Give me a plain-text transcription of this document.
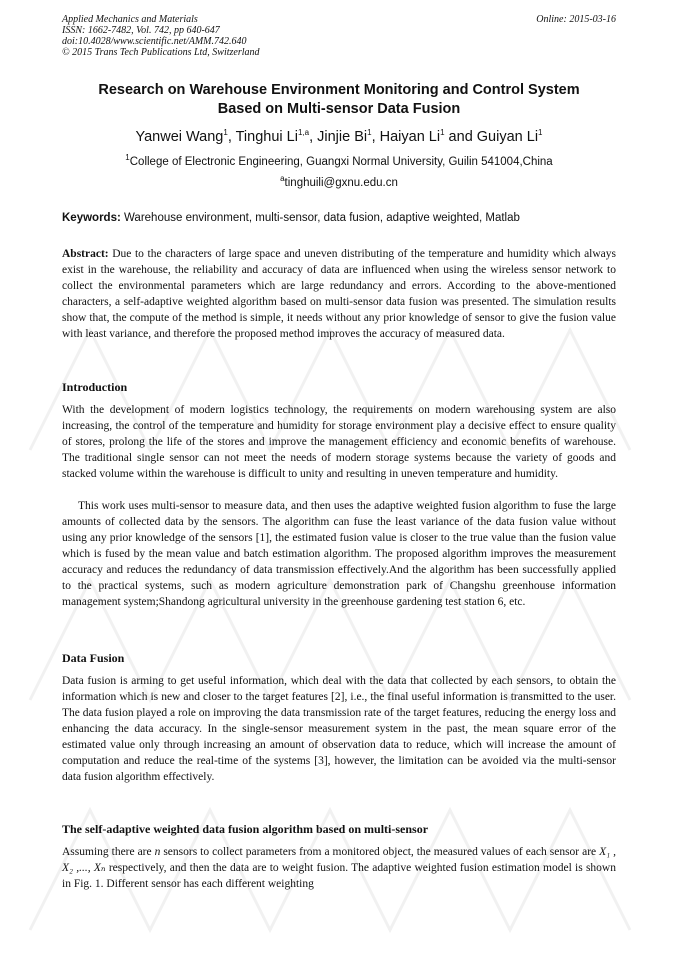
Applied Mechanics and Materials
ISSN: 1662-7482, Vol. 742, pp 640-647
doi:10.4028/www.scientific.net/AMM.742.640
© 2015 Trans Tech Publications Ltd, Switzerland
Online: 2015-03-16
Research on Warehouse Environment Monitoring and Control System
Based on Multi-sensor Data Fusion
Yanwei Wang$^1$, Tinghui Li$^{1,a}$, Jinjie Bi$^1$, Haiyan Li$^1$ and Guiyan Li$^1$
$^1$College of Electronic Engineering, Guangxi Normal University, Guilin 541004,China
$^a$tinghuili@gxnu.edu.cn
Keywords: Warehouse environment, multi-sensor, data fusion, adaptive weighted, Matlab
Abstract: Due to the characters of large space and uneven distributing of the temperature and humidity which always exist in the warehouse, the reliability and accuracy of data are influenced when using the wireless sensor network to collect the environmental parameters which are large redundancy and errors. According to the above-mentioned characters, a self-adaptive weighted algorithm based on multi-sensor data fusion was presented. The simulation results show that, the compute of the method is simple, it needs without any prior knowledge of sensor to give the fusion value with least variance, and therefore the proposed method improves the accuracy of measured data.
Introduction
With the development of modern logistics technology, the requirements on modern warehousing system are also increasing, the control of the temperature and humidity for storage environment play a decisive effect to ensure quality of stores, prolong the life of the stores and improve the management efficiency and economic benefits of warehouse. The traditional single sensor can not meet the needs of modern storage systems because the variety of goods and stacked volume within the warehouse is difficult to unity and resulting in uneven temperature and humidity.
This work uses multi-sensor to measure data, and then uses the adaptive weighted fusion algorithm to fuse the large amounts of collected data by the sensors. The algorithm can fuse the least variance of the data fusion value without using any prior knowledge of the sensors [1], the estimated fusion value is closer to the true value than the fusion value which is fused by the mean value and batch estimation algorithm. The proposed algorithm improves the measurement accuracy and reduces the redundancy of data transmission effectively.And the algorithm has been successfully applied to the practical systems, such as modern agriculture demonstration park of Changshu greenhouse information management system;Shandong agricultural university in the greenhouse gardening test station 6, etc.
Data Fusion
Data fusion is arming to get useful information, which deal with the data that collected by each sensors, to obtain the information which is new and closer to the target features [2], i.e., the final useful information is transmitted to the user. The data fusion played a role on improving the data transmission rate of the target features, reducing the energy loss and enhancing the data accuracy. In the single-sensor measurement system in the past, the mean square error of the estimated value only through increasing an amount of observation data to reduce, which will increase the amount of computation and reduce the real-time of the systems [3], however, the limitation can be avoided via the multi-sensor data fusion algorithm effectively.
The self-adaptive weighted data fusion algorithm based on multi-sensor
Assuming there are n sensors to collect parameters from a monitored object, the measured values of each sensor are X₁ , X₂ ,..., Xₙ respectively, and then the data are to weight fusion. The adaptive weighted fusion estimation model is shown in Fig. 1. Different sensor has each different weighting
